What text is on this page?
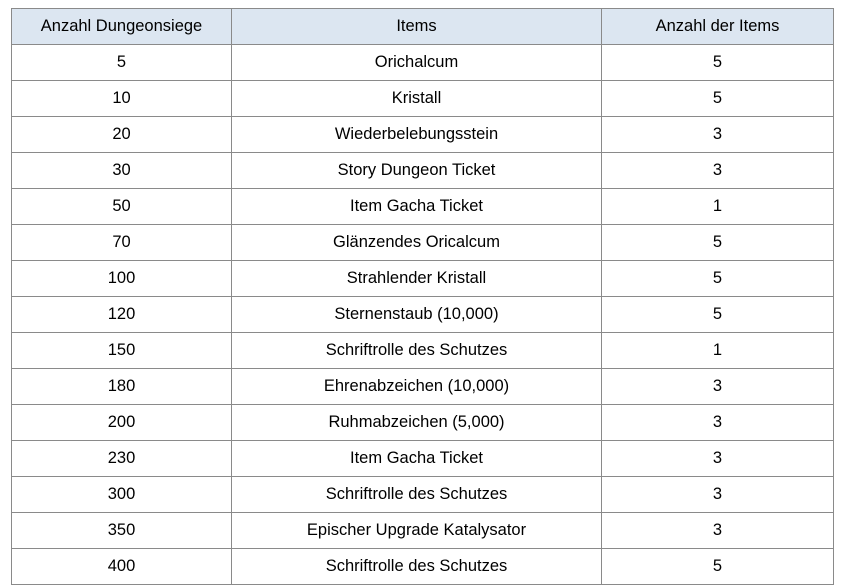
Anzahl Dungeonsiege	Items	Anzahl der Items
5	Orichalcum	5
10	Kristall	5
20	Wiederbelebungsstein	3
30	Story Dungeon Ticket	3
50	Item Gacha Ticket	1
70	Glänzendes Oricalcum	5
100	Strahlender Kristall	5
120	Sternenstaub (10,000)	5
150	Schriftrolle des Schutzes	1
180	Ehrenabzeichen (10,000)	3
200	Ruhmabzeichen (5,000)	3
230	Item Gacha Ticket	3
300	Schriftrolle des Schutzes	3
350	Epischer Upgrade Katalysator	3
400	Schriftrolle des Schutzes	5
